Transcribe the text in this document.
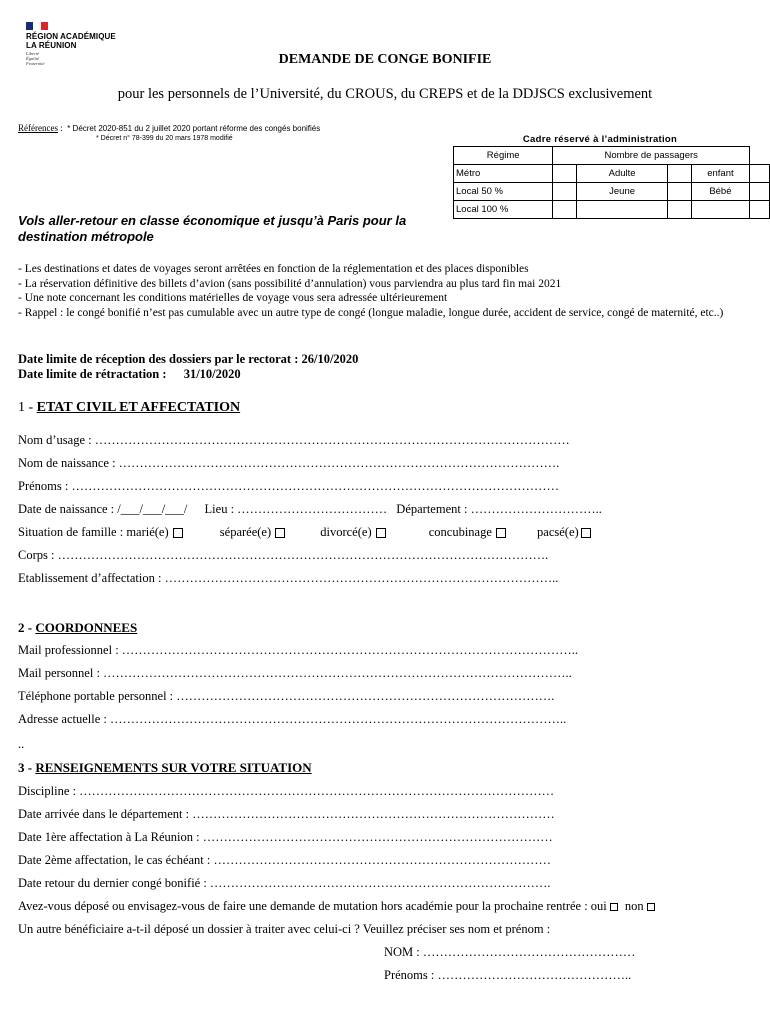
RÉGION ACADÉMIQUE
LA RÉUNION
Liberté
Égalité
Fraternité	DEMANDE DE CONGE BONIFIE
pour les personnels de l’Université, du CROUS, du CREPS et de la DDJSCS exclusivement
Références : * Décret 2020-851 du 2 juillet 2020 portant réforme des congés bonifiés
* Décret n° 78-399 du 20 mars 1978 modifié	Cadre réservé à l’administration
Régime	Nombre de passagers				
Métro		Adulte		enfant	
Local 50 %		Jeune		Bébé	
Local 100 %					
Vols aller-retour en classe économique et jusqu’à Paris pour la destination métropole
- Les destinations et dates de voyages seront arrêtées en fonction de la réglementation et des places disponibles
- La réservation définitive des billets d’avion (sans possibilité d’annulation) vous parviendra au plus tard fin mai 2021
- Une note concernant les conditions matérielles de voyage vous sera adressée ultérieurement
- Rappel : le congé bonifié n’est pas cumulable avec un autre type de congé (longue maladie, longue durée, accident de service, congé de maternité, etc..)
Date limite de réception des dossiers par le rectorat : 26/10/2020
Date limite de rétractation : 31/10/2020
1 - ETAT CIVIL ET AFFECTATION
Nom d’usage : ……………………………………………………………………………………………………
Nom de naissance : …………………………………………………………………………………………….
Prénoms : ………………………………………………………………………………………………………
Date de naissance : /___/___/___/ Lieu : ……………………………… Département : …………………………..
Situation de famille : marié(e)	séparée(e)	divorcé(e)	concubinage	pacsé(e)
Corps : ……………………………………………………………………………………………………….
Etablissement d’affectation : …………………………………………………………………………………..
2 - COORDONNEES
Mail professionnel : ………………………………………………………………………………………………..
Mail personnel : …………………………………………………………………………………………………..
Téléphone portable personnel : ……………………………………………………………………………….
Adresse actuelle : ………………………………………………………………………………………………..
..
3 - RENSEIGNEMENTS SUR VOTRE SITUATION
Discipline : ……………………………………………………………………………………………………
Date arrivée dans le département : ……………………………………………………………………………
Date 1ère affectation à La Réunion : …………………………………………………………………………
Date 2ème affectation, le cas échéant : ………………………………………………………………………
Date retour du dernier congé bonifié : ……………………………………………………………………….
Avez-vous déposé ou envisagez-vous de faire une demande de mutation hors académie pour la prochaine rentrée : oui non
Un autre bénéficiaire a-t-il déposé un dossier à traiter avec celui-ci ? Veuillez préciser ses nom et prénom :
NOM : ……………………………………………
Prénoms : ………………………………………..
